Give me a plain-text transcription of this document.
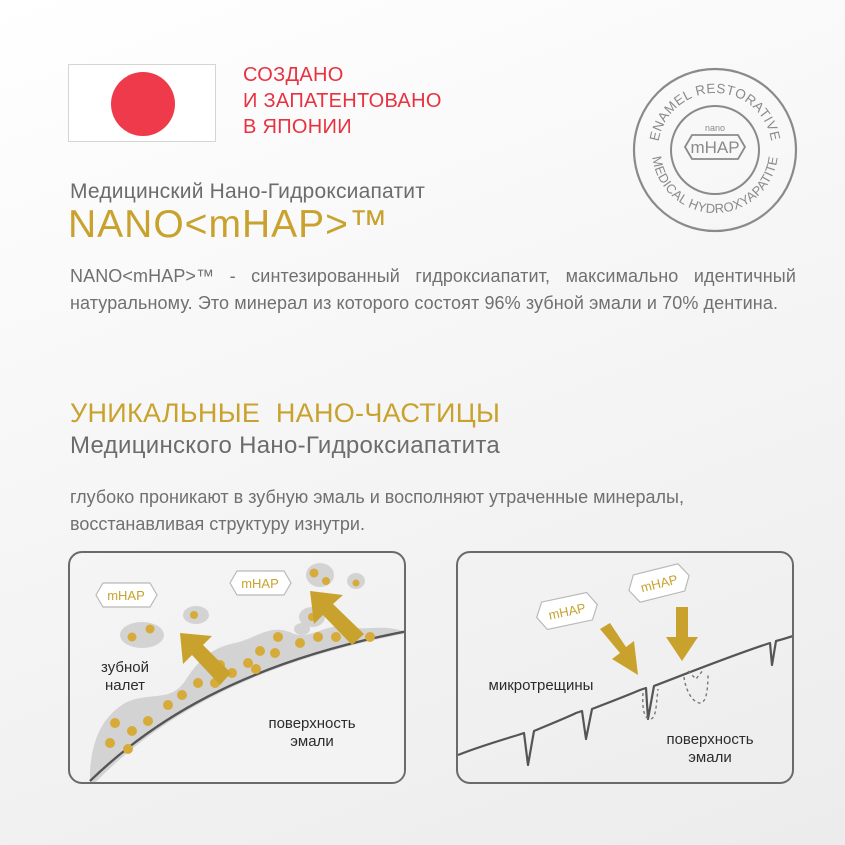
СОЗДАНО
И ЗАПАТЕНТОВАНО
В ЯПОНИИ	ENAMEL RESTORATIVE
MEDICAL HYDROXYAPATITE
nano
mHAP
Медицинский Нано-Гидроксиапатит
NANO<mHAP>™
NANO<mHAP>™ - синтезированный гидроксиапатит, максимально идентичный натуральному. Это минерал из которого состоят 96% зубной эмали и 70% дентина.
УНИКАЛЬНЫЕ  НАНО-ЧАСТИЦЫ
Медицинского Нано-Гидроксиапатита
глубоко проникают в зубную эмаль и восполняют утраченные минералы,
восстанавливая структуру изнутри.
mHAP
mHAP
зубной
налет
поверхность
эмали
mHAP
mHAP
микротрещины
поверхность
эмали
